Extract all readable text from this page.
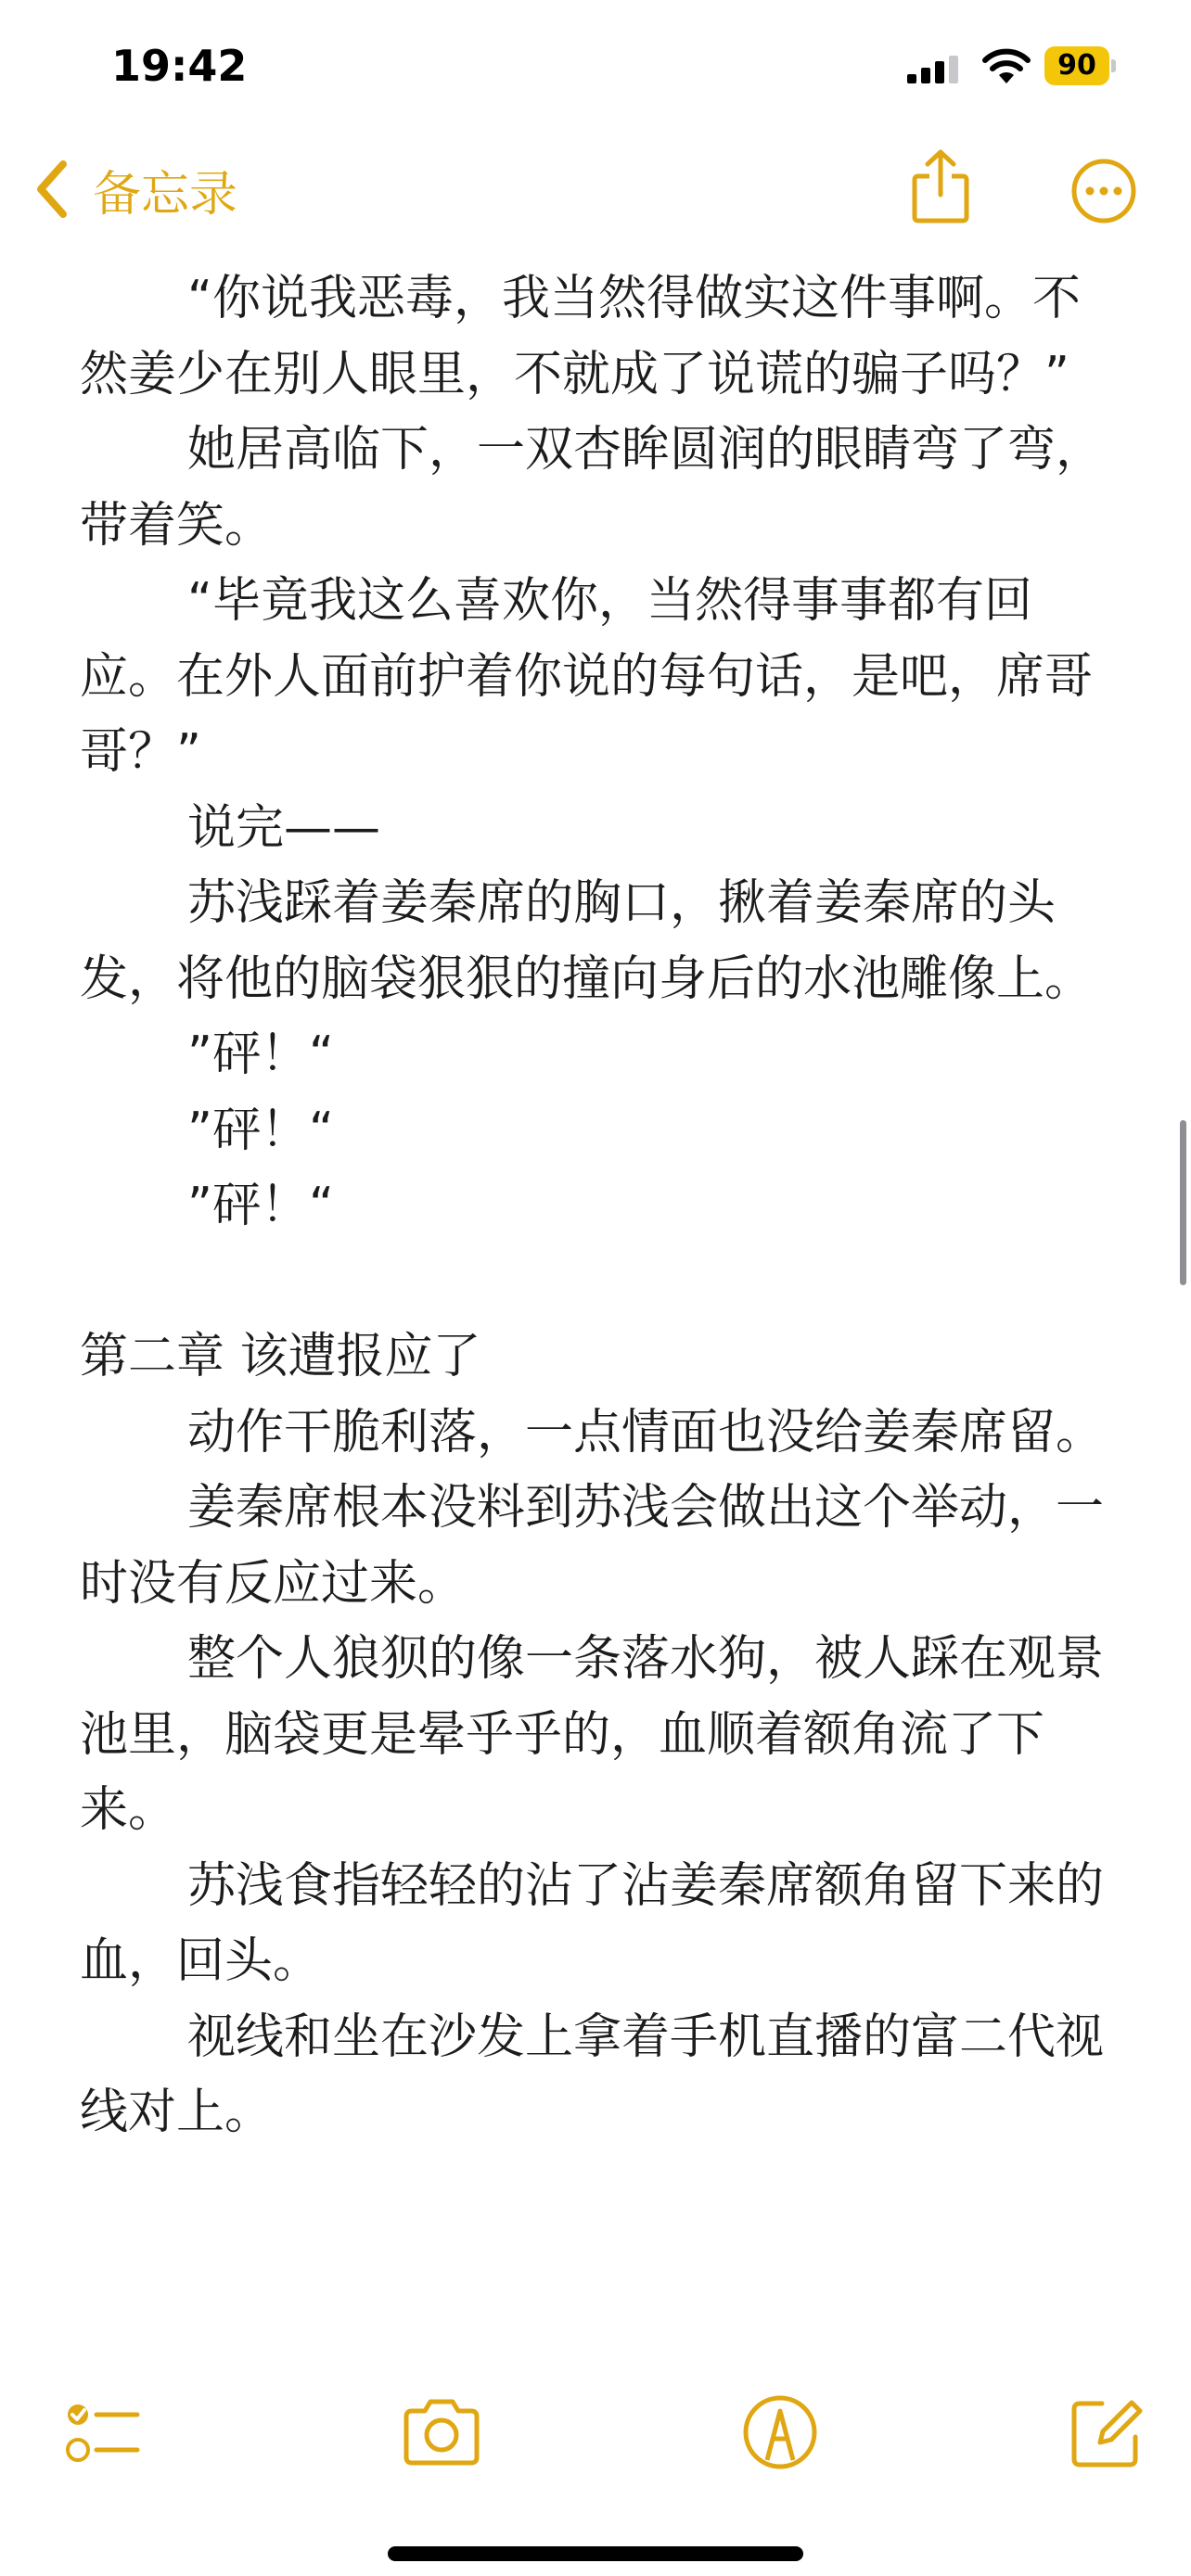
19:42	90
备忘录

“你说我恶毒，我当然得做实这件事啊。不然姜少在别人眼里，不就成了说谎的骗子吗？”

她居高临下，一双杏眸圆润的眼睛弯了弯，带着笑。

“毕竟我这么喜欢你，当然得事事都有回应。在外人面前护着你说的每句话，是吧，席哥哥？”

说完——

苏浅踩着姜秦席的胸口，揪着姜秦席的头发，将他的脑袋狠狠的撞向身后的水池雕像上。

”砰！“

”砰！“

”砰！“

第二章 该遭报应了

动作干脆利落，一点情面也没给姜秦席留。

姜秦席根本没料到苏浅会做出这个举动，一时没有反应过来。

整个人狼狈的像一条落水狗，被人踩在观景池里，脑袋更是晕乎乎的，血顺着额角流了下来。

苏浅食指轻轻的沾了沾姜秦席额角留下来的血，回头。

视线和坐在沙发上拿着手机直播的富二代视线对上。
